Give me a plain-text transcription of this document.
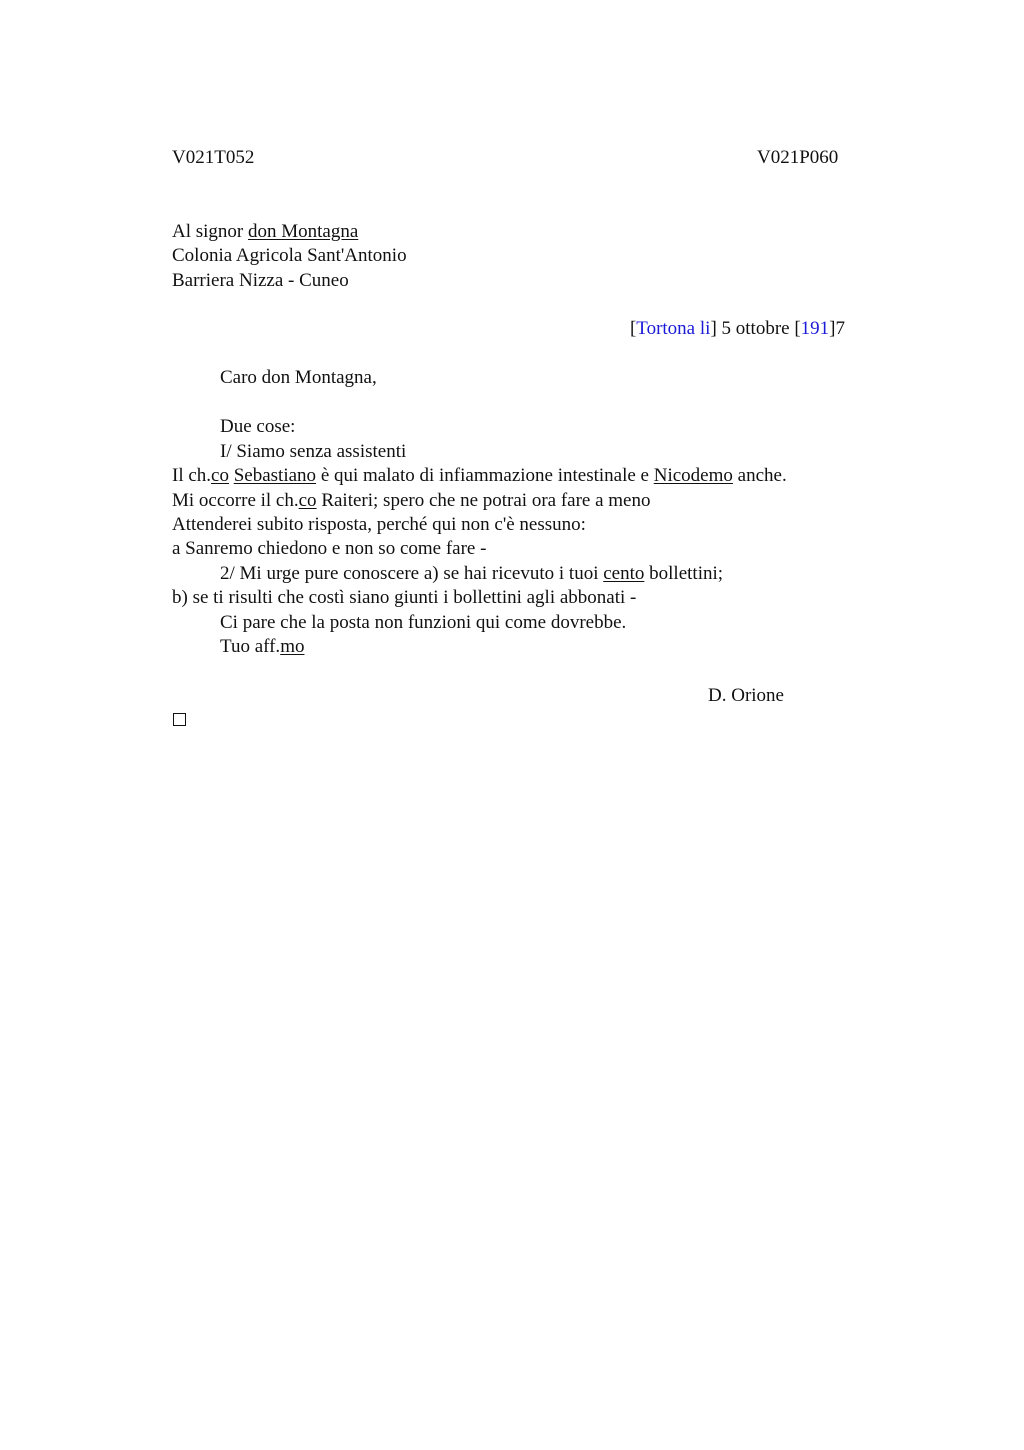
V021T052	V021P060
Al signor don Montagna
Colonia Agricola Sant'Antonio
Barriera Nizza - Cuneo
[Tortona li] 5 ottobre [191]7
Caro don Montagna,
Due cose:
I/ Siamo senza assistenti
Il ch.co Sebastiano è qui malato di infiammazione intestinale e Nicodemo anche.
Mi occorre il ch.co Raiteri; spero che ne potrai ora fare a meno
Attenderei subito risposta, perché qui non c'è nessuno:
a Sanremo chiedono e non so come fare -
2/ Mi urge pure conoscere a) se hai ricevuto i tuoi cento bollettini;
b) se ti risulti che costì siano giunti i bollettini agli abbonati -
Ci pare che la posta non funzioni qui come dovrebbe.
Tuo aff.mo
D. Orione
